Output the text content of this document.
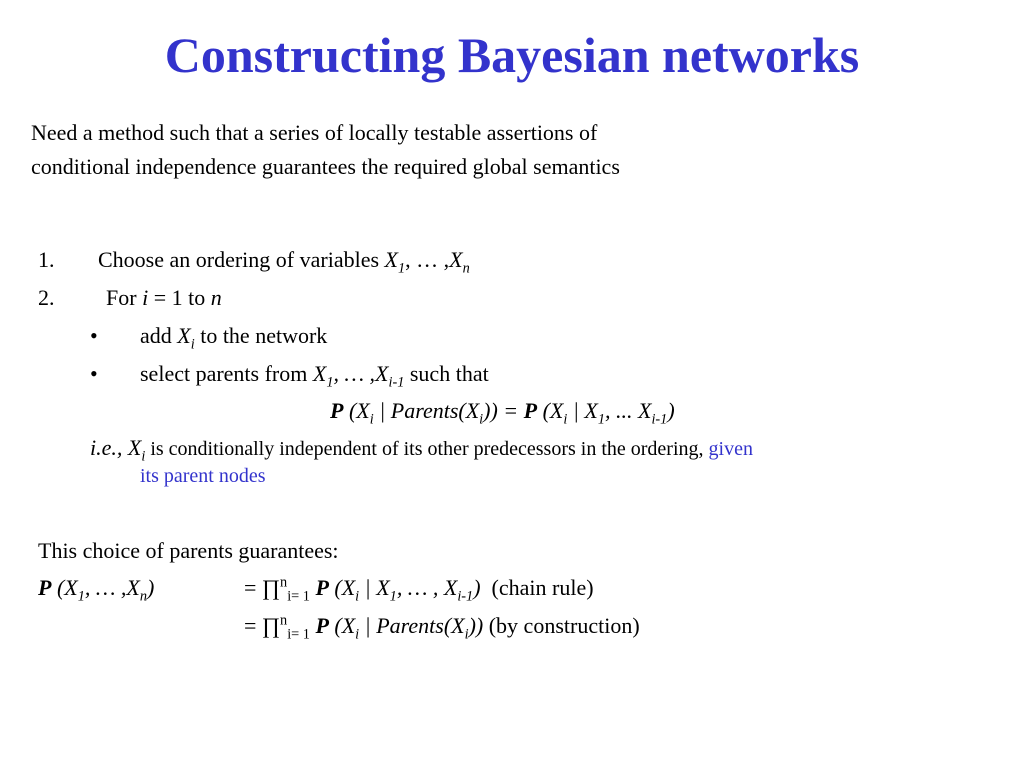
Constructing Bayesian networks
Need a method such that a series of locally testable assertions of
conditional independence guarantees the required global semantics
1. Choose an ordering of variables $X_1$, … $,X_n$
2. For i = 1 to n
• add $X_i$ to the network
• select parents from $X_1$, … $,X_{i-1}$ such that
P ($X_i$ | $Parents(X_i)) = P$ ($X_i$ | $X_1$, ... $X_{i-1}$)
i.e., $X_i$ is conditionally independent of its other predecessors in the ordering, given
its parent nodes
This choice of parents guarantees:
P ($X_1$, … $,X_n$)	= ∏$^n_{i= 1}$ P ($X_i$ | $X_1$, … , $X_{i-1}$) (chain rule)
= ∏$^n_{i= 1}$ P ($X_i$ | $Parents(X_i)$) (by construction)
